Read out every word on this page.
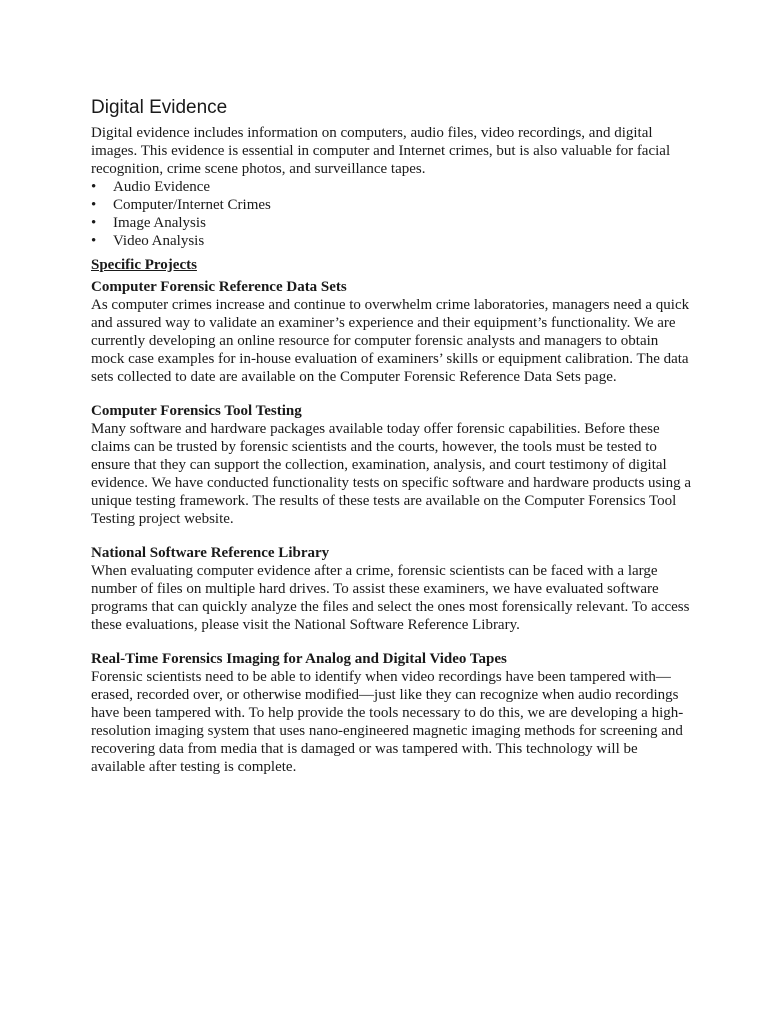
Digital Evidence

Digital evidence includes information on computers, audio files, video recordings, and digital images. This evidence is essential in computer and Internet crimes, but is also valuable for facial recognition, crime scene photos, and surveillance tapes.

• Audio Evidence
• Computer/Internet Crimes
• Image Analysis
• Video Analysis
Specific Projects
Computer Forensic Reference Data Sets

As computer crimes increase and continue to overwhelm crime laboratories, managers need a quick and assured way to validate an examiner’s experience and their equipment’s functionality. We are currently developing an online resource for computer forensic analysts and managers to obtain mock case examples for in-house evaluation of examiners’ skills or equipment calibration. The data sets collected to date are available on the Computer Forensic Reference Data Sets page.

Computer Forensics Tool Testing

Many software and hardware packages available today offer forensic capabilities. Before these claims can be trusted by forensic scientists and the courts, however, the tools must be tested to ensure that they can support the collection, examination, analysis, and court testimony of digital evidence. We have conducted functionality tests on specific software and hardware products using a unique testing framework. The results of these tests are available on the Computer Forensics Tool Testing project website.

National Software Reference Library

When evaluating computer evidence after a crime, forensic scientists can be faced with a large number of files on multiple hard drives. To assist these examiners, we have evaluated software programs that can quickly analyze the files and select the ones most forensically relevant. To access these evaluations, please visit the National Software Reference Library.

Real-Time Forensics Imaging for Analog and Digital Video Tapes

Forensic scientists need to be able to identify when video recordings have been tampered with—erased, recorded over, or otherwise modified—just like they can recognize when audio recordings have been tampered with. To help provide the tools necessary to do this, we are developing a high-resolution imaging system that uses nano-engineered magnetic imaging methods for screening and recovering data from media that is damaged or was tampered with. This technology will be available after testing is complete.
